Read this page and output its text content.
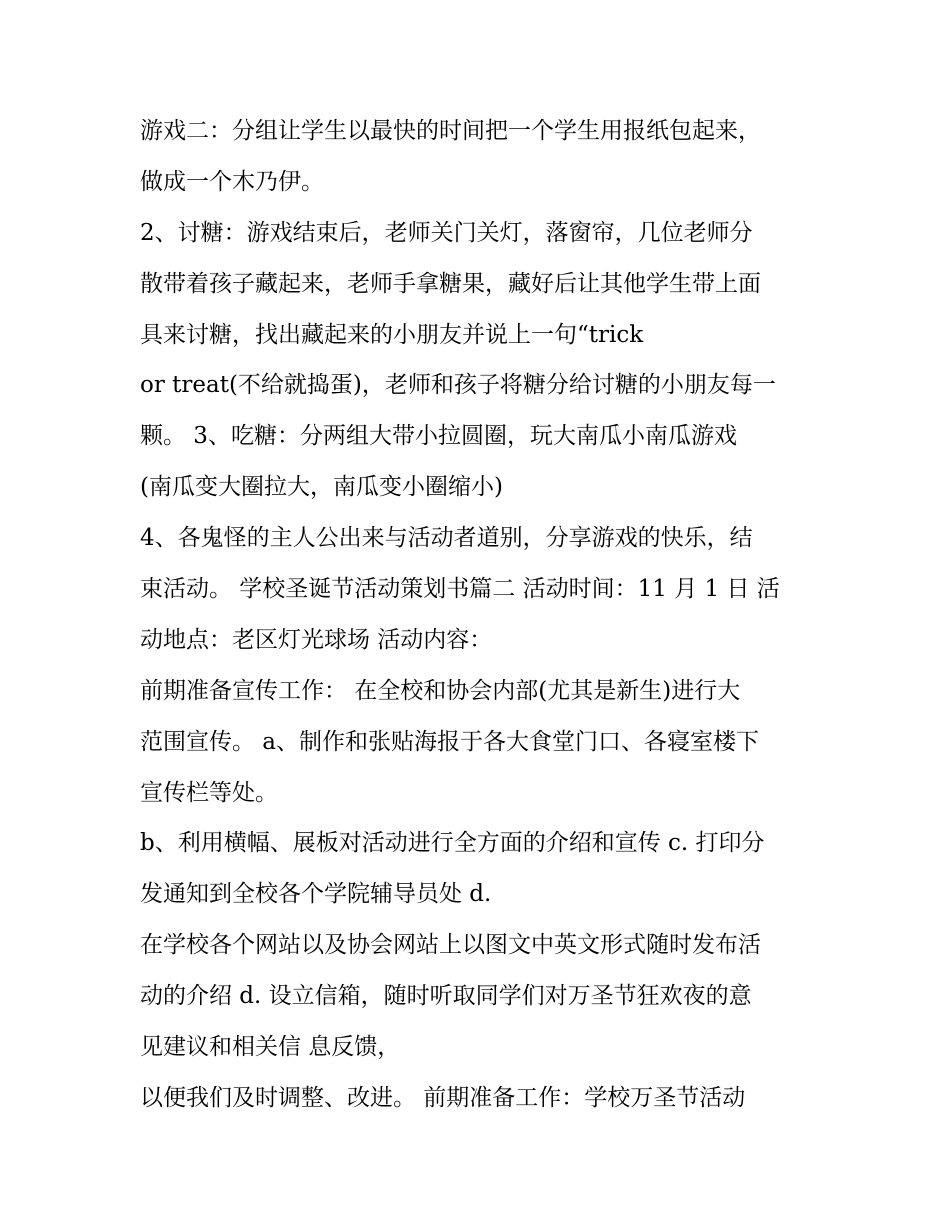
游戏二：分组让学生以最快的时间把一个学生用报纸包起来，
做成一个木乃伊。
2、讨糖：游戏结束后，老师关门关灯，落窗帘，几位老师分
散带着孩子藏起来，老师手拿糖果，藏好后让其他学生带上面
具来讨糖，找出藏起来的小朋友并说上一句“trick
or treat(不给就捣蛋)，老师和孩子将糖分给讨糖的小朋友每一
颗。 3、吃糖：分两组大带小拉圆圈，玩大南瓜小南瓜游戏
(南瓜变大圈拉大，南瓜变小圈缩小)
4、各鬼怪的主人公出来与活动者道别，分享游戏的快乐，结
束活动。 学校圣诞节活动策划书篇二 活动时间：11 月 1 日 活
动地点：老区灯光球场 活动内容：
前期准备宣传工作： 在全校和协会内部(尤其是新生)进行大
范围宣传。 a、制作和张贴海报于各大食堂门口、各寝室楼下
宣传栏等处。
b、利用横幅、展板对活动进行全方面的介绍和宣传 c. 打印分
发通知到全校各个学院辅导员处 d.
在学校各个网站以及协会网站上以图文中英文形式随时发布活
动的介绍 d. 设立信箱，随时听取同学们对万圣节狂欢夜的意
见建议和相关信 息反馈，
以便我们及时调整、改进。 前期准备工作：学校万圣节活动
